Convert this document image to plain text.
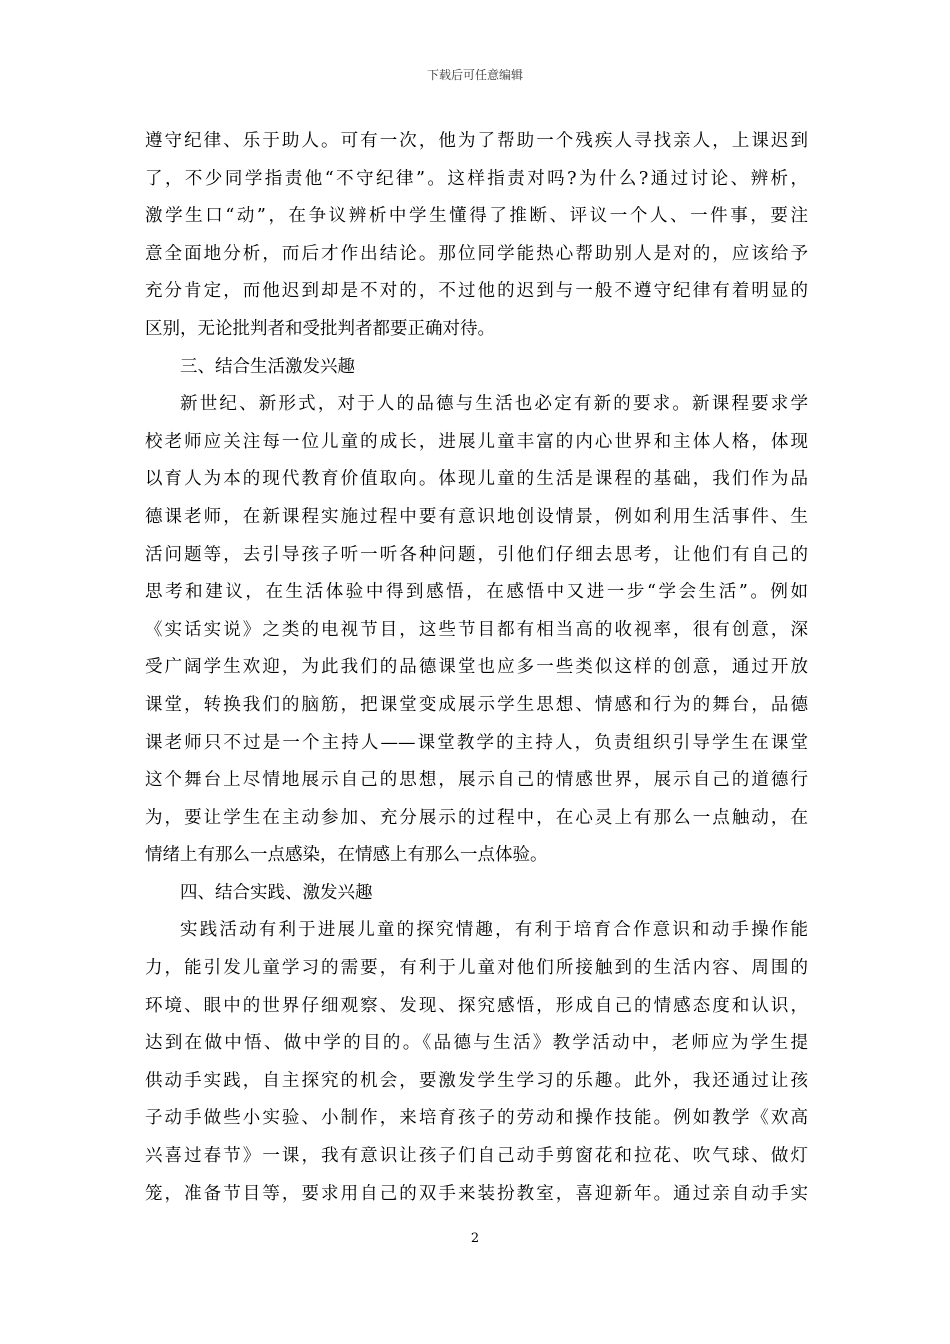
下载后可任意编辑
遵守纪律、乐于助人。可有一次，他为了帮助一个残疾人寻找亲人，上课迟到
了，不少同学指责他“不守纪律”。这样指责对吗?为什么?通过讨论、辨析，
激学生口“动”，在争议辨析中学生懂得了推断、评议一个人、一件事，要注
意全面地分析，而后才作出结论。那位同学能热心帮助别人是对的，应该给予
充分肯定，而他迟到却是不对的，不过他的迟到与一般不遵守纪律有着明显的
区别，无论批判者和受批判者都要正确对待。
三、结合生活激发兴趣
新世纪、新形式，对于人的品德与生活也必定有新的要求。新课程要求学
校老师应关注每一位儿童的成长，进展儿童丰富的内心世界和主体人格，体现
以育人为本的现代教育价值取向。体现儿童的生活是课程的基础，我们作为品
德课老师，在新课程实施过程中要有意识地创设情景，例如利用生活事件、生
活问题等，去引导孩子听一听各种问题，引他们仔细去思考，让他们有自己的
思考和建议，在生活体验中得到感悟，在感悟中又进一步“学会生活”。例如
《实话实说》之类的电视节目，这些节目都有相当高的收视率，很有创意，深
受广阔学生欢迎，为此我们的品德课堂也应多一些类似这样的创意，通过开放
课堂，转换我们的脑筋，把课堂变成展示学生思想、情感和行为的舞台，品德
课老师只不过是一个主持人——课堂教学的主持人，负责组织引导学生在课堂
这个舞台上尽情地展示自己的思想，展示自己的情感世界，展示自己的道德行
为，要让学生在主动参加、充分展示的过程中，在心灵上有那么一点触动，在
情绪上有那么一点感染，在情感上有那么一点体验。
四、结合实践、激发兴趣
实践活动有利于进展儿童的探究情趣，有利于培育合作意识和动手操作能
力，能引发儿童学习的需要，有利于儿童对他们所接触到的生活内容、周围的
环境、眼中的世界仔细观察、发现、探究感悟，形成自己的情感态度和认识，
达到在做中悟、做中学的目的。《品德与生活》教学活动中，老师应为学生提
供动手实践，自主探究的机会，要激发学生学习的乐趣。此外，我还通过让孩
子动手做些小实验、小制作，来培育孩子的劳动和操作技能。例如教学《欢高
兴喜过春节》一课，我有意识让孩子们自己动手剪窗花和拉花、吹气球、做灯
笼，准备节目等，要求用自己的双手来装扮教室，喜迎新年。通过亲自动手实
2
